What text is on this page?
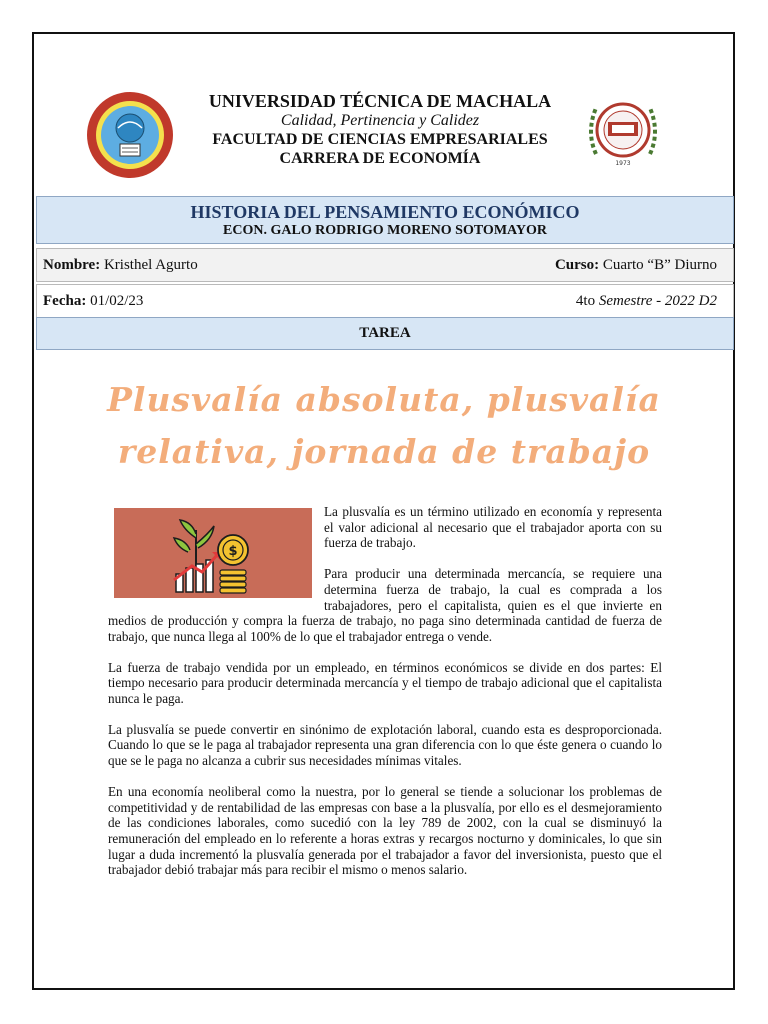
UNIVERSIDAD TÉCNICA DE MACHALA
Calidad, Pertinencia y Calidez
FACULTAD DE CIENCIAS EMPRESARIALES
CARRERA DE ECONOMÍA	1973
HISTORIA DEL PENSAMIENTO ECONÓMICO
ECON. GALO RODRIGO MORENO SOTOMAYOR
Nombre: Kristhel Agurto	Curso: Cuarto “B” Diurno
Fecha: 01/02/23	4to Semestre - 2022 D2
TAREA
Plusvalía absoluta, plusvalía
relativa, jornada de trabajo
$

La plusvalía es un término utilizado en economía y representa el valor adicional al necesario que el trabajador aporta con su fuerza de trabajo.

Para producir una determinada mercancía, se requiere una determina fuerza de trabajo, la cual es comprada a los trabajadores, pero el capitalista, quien es el que invierte en medios de producción y compra la fuerza de trabajo, no paga sino determinada cantidad de fuerza de trabajo, que nunca llega al 100% de lo que el trabajador entrega o vende.

La fuerza de trabajo vendida por un empleado, en términos económicos se divide en dos partes: El tiempo necesario para producir determinada mercancía y el tiempo de trabajo adicional que el capitalista nunca le paga.

La plusvalía se puede convertir en sinónimo de explotación laboral, cuando esta es desproporcionada. Cuando lo que se le paga al trabajador representa una gran diferencia con lo que éste genera o cuando lo que se le paga no alcanza a cubrir sus necesidades mínimas vitales.

En una economía neoliberal como la nuestra, por lo general se tiende a solucionar los problemas de competitividad y de rentabilidad de las empresas con base a la plusvalía, por ello es el desmejoramiento de las condiciones laborales, como sucedió con la ley 789 de 2002, con la cual se disminuyó la remuneración del empleado en lo referente a horas extras y recargos nocturno y dominicales, lo que sin lugar a duda incrementó la plusvalía generada por el trabajador a favor del inversionista, puesto que el trabajador debió trabajar más para recibir el mismo o menos salario.
